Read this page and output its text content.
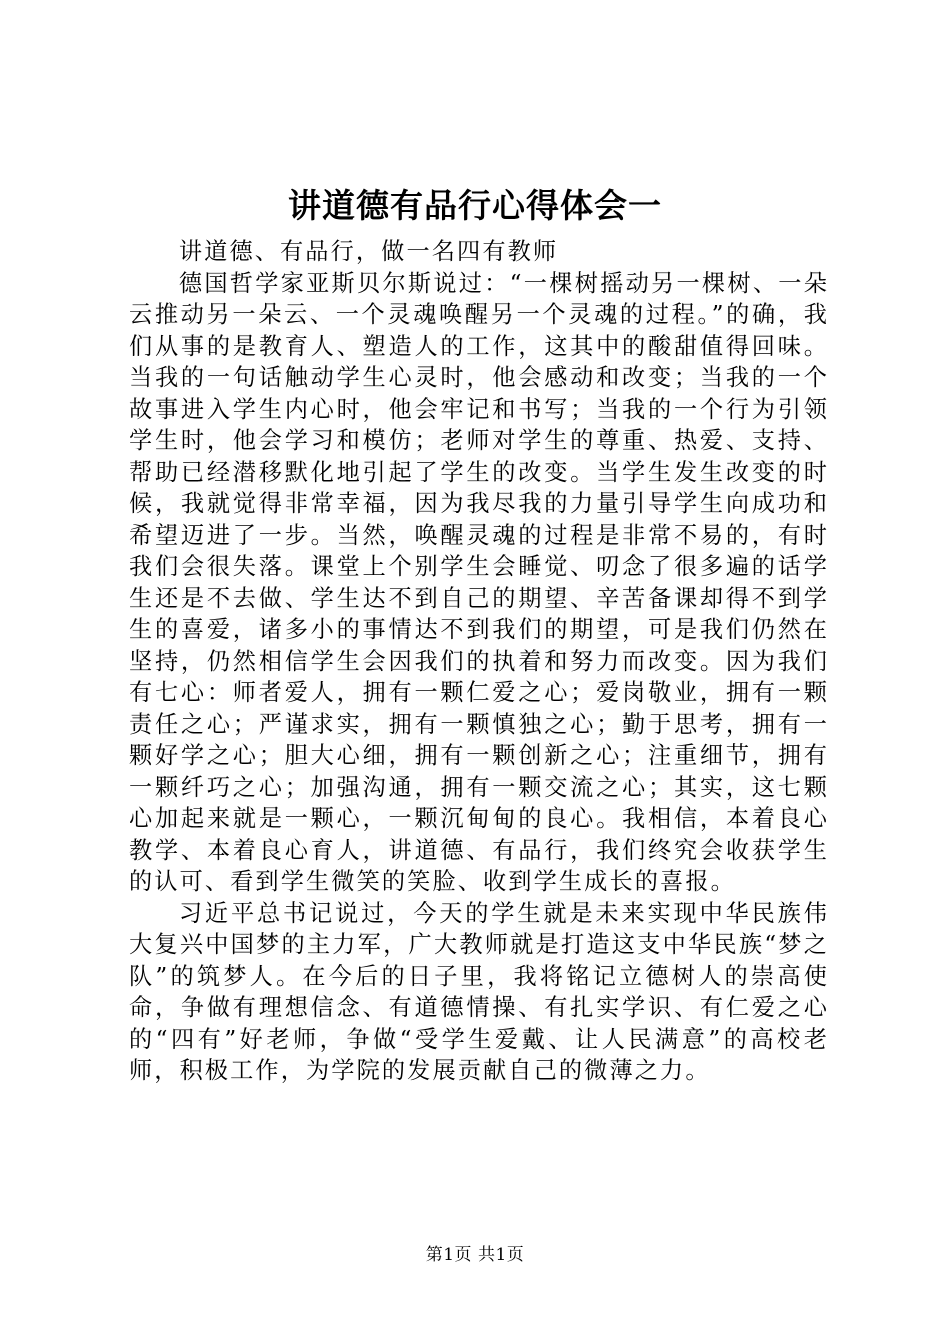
讲道德有品行心得体会一

讲道德、有品行，做一名四有教师

德国哲学家亚斯贝尔斯说过：“一棵树摇动另一棵树、一朵云推动另一朵云、一个灵魂唤醒另一个灵魂的过程。”的确，我们从事的是教育人、塑造人的工作，这其中的酸甜值得回味。当我的一句话触动学生心灵时，他会感动和改变；当我的一个故事进入学生内心时，他会牢记和书写；当我的一个行为引领学生时，他会学习和模仿；老师对学生的尊重、热爱、支持、帮助已经潜移默化地引起了学生的改变。当学生发生改变的时候，我就觉得非常幸福，因为我尽我的力量引导学生向成功和希望迈进了一步。当然，唤醒灵魂的过程是非常不易的，有时我们会很失落。课堂上个别学生会睡觉、叨念了很多遍的话学生还是不去做、学生达不到自己的期望、辛苦备课却得不到学生的喜爱，诸多小的事情达不到我们的期望，可是我们仍然在坚持，仍然相信学生会因我们的执着和努力而改变。因为我们有七心：师者爱人，拥有一颗仁爱之心；爱岗敬业，拥有一颗责任之心；严谨求实，拥有一颗慎独之心；勤于思考，拥有一颗好学之心；胆大心细，拥有一颗创新之心；注重细节，拥有一颗纤巧之心；加强沟通，拥有一颗交流之心；其实，这七颗心加起来就是一颗心，一颗沉甸甸的良心。我相信，本着良心教学、本着良心育人，讲道德、有品行，我们终究会收获学生的认可、看到学生微笑的笑脸、收到学生成长的喜报。

习近平总书记说过，今天的学生就是未来实现中华民族伟大复兴中国梦的主力军，广大教师就是打造这支中华民族“梦之队”的筑梦人。在今后的日子里，我将铭记立德树人的崇高使命，争做有理想信念、有道德情操、有扎实学识、有仁爱之心的“四有”好老师，争做“受学生爱戴、让人民满意”的高校老师，积极工作，为学院的发展贡献自己的微薄之力。

第1页 共1页
